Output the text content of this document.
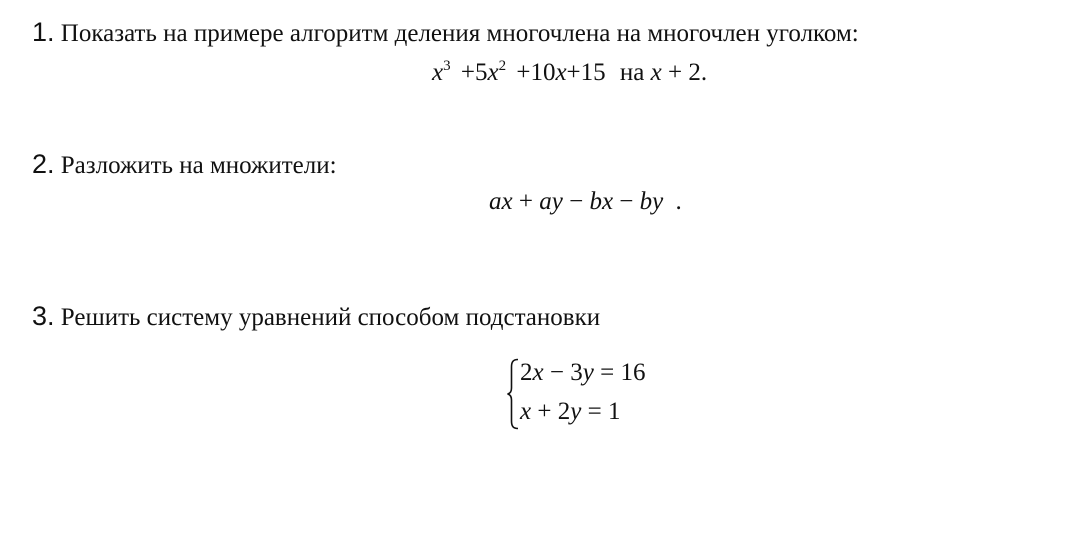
1. Показать на примере алгоритм деления многочлена на многочлен уголком:
$x^3 +5x^2 +10x+15$ на x + 2.
2. Разложить на множители:
ax + ay − bx − by .
3. Решить систему уравнений способом подстановки
2x − 3y = 16
x + 2y = 1
